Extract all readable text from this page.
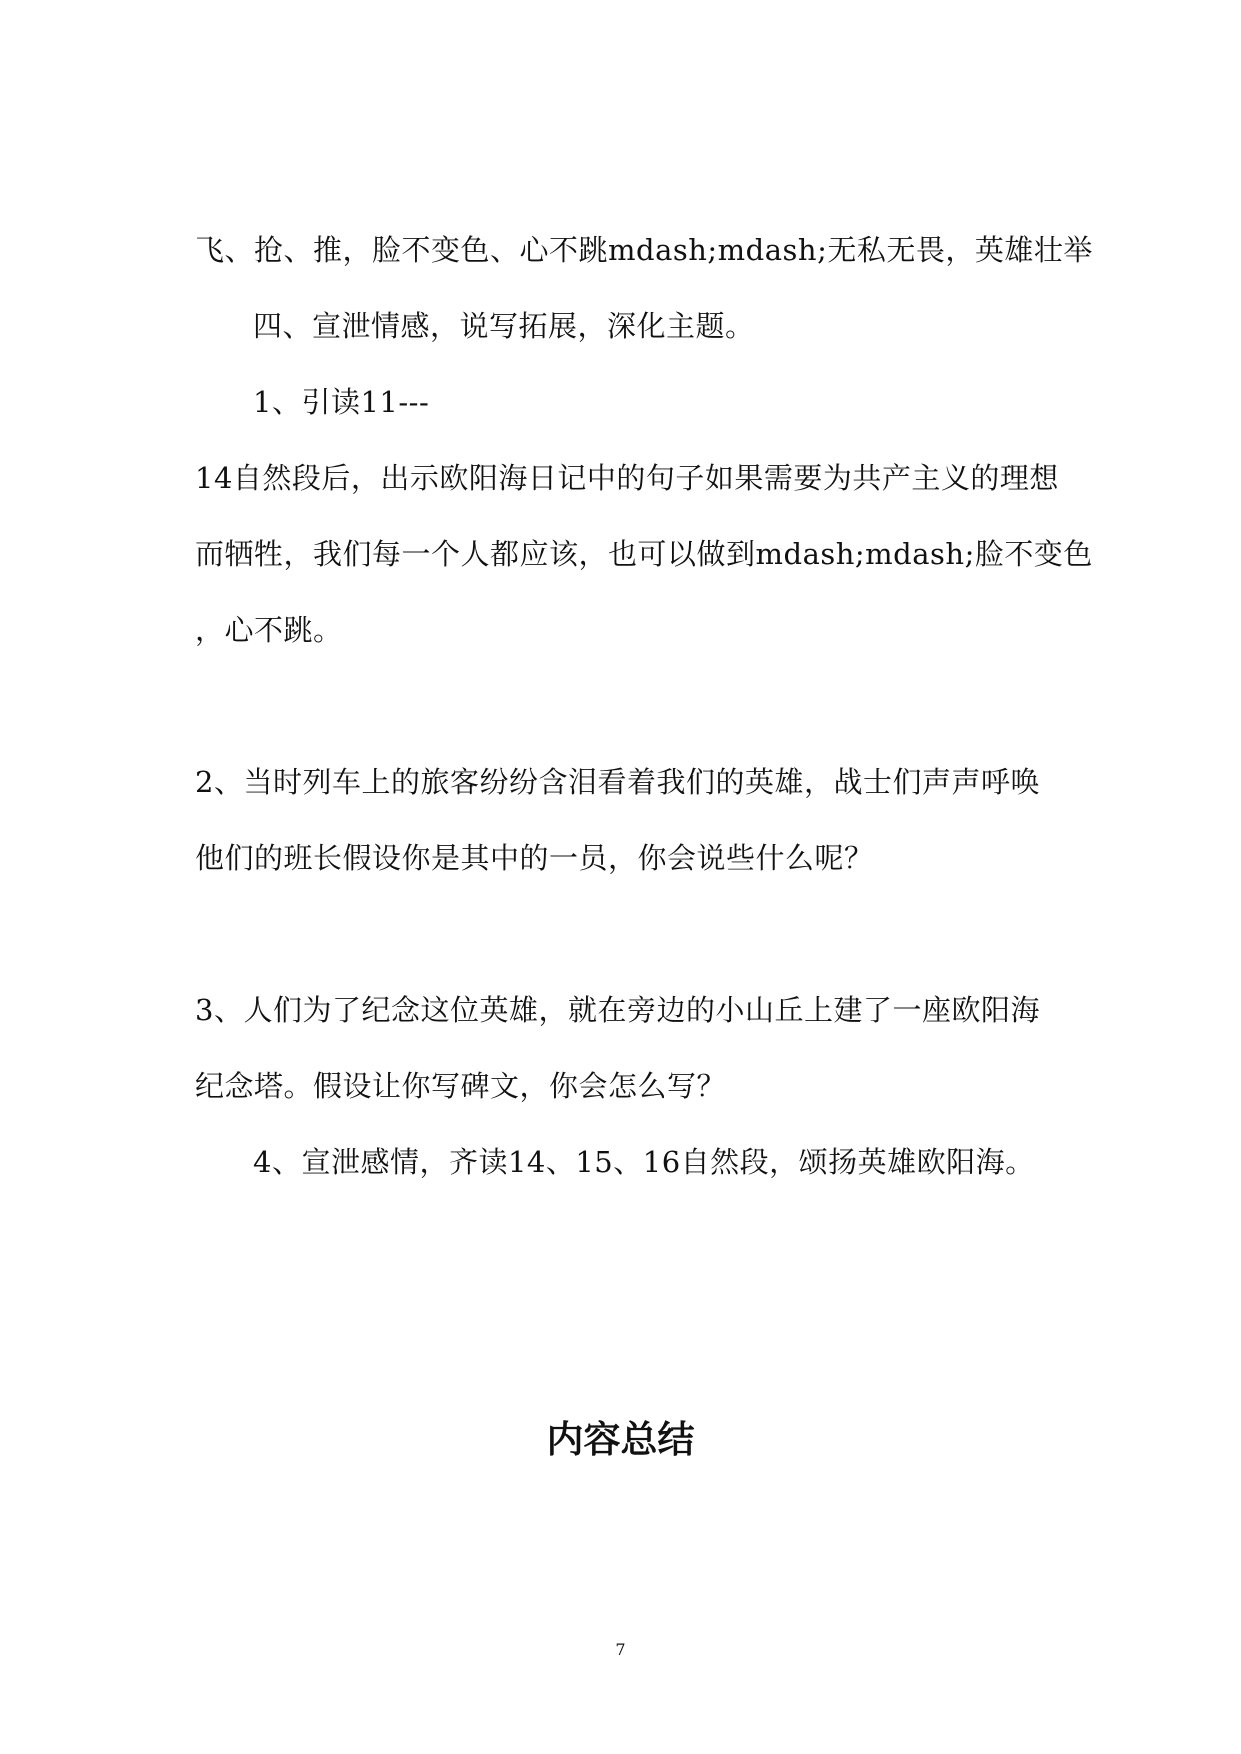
飞、抢、推，脸不变色、心不跳mdash;mdash;无私无畏，英雄壮举
四、宣泄情感，说写拓展，深化主题。
1、引读11---
14自然段后，出示欧阳海日记中的句子如果需要为共产主义的理想
而牺牲，我们每一个人都应该，也可以做到mdash;mdash;脸不变色
，心不跳。
2、当时列车上的旅客纷纷含泪看着我们的英雄，战士们声声呼唤
他们的班长假设你是其中的一员，你会说些什么呢？
3、人们为了纪念这位英雄，就在旁边的小山丘上建了一座欧阳海
纪念塔。假设让你写碑文，你会怎么写？
4、宣泄感情，齐读14、15、16自然段，颂扬英雄欧阳海。
内容总结
7
